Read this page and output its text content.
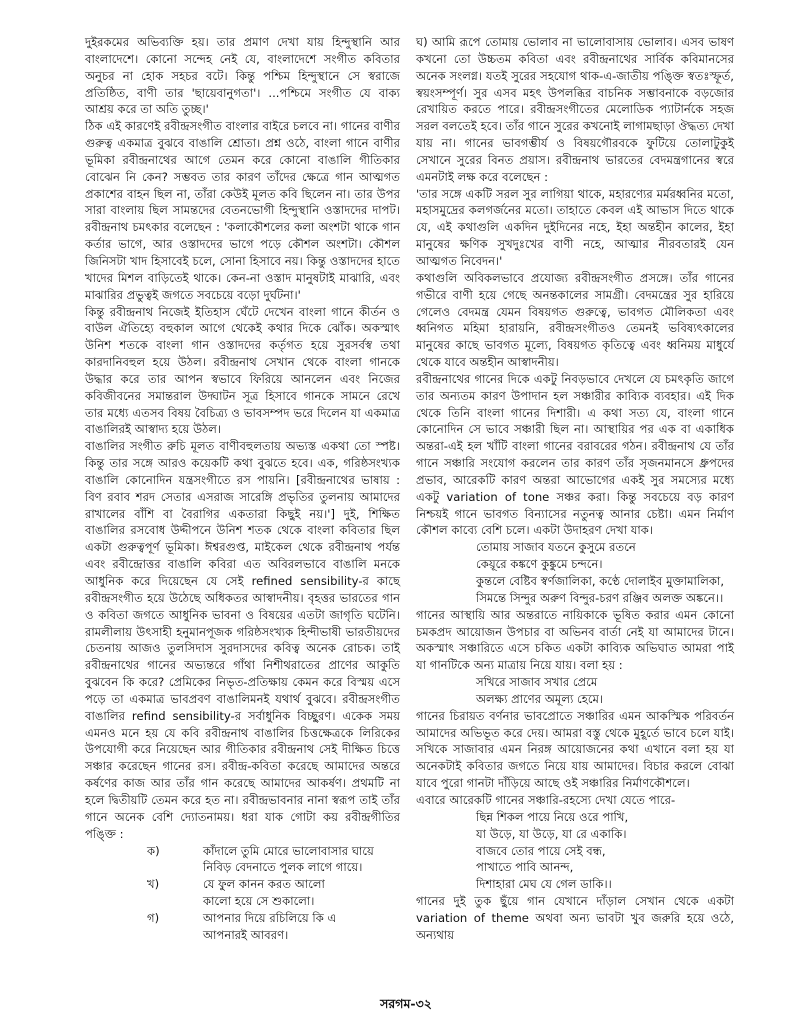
দুইরকমের অভিব্যক্তি হয়। তার প্রমাণ দেখা যায় হিন্দুস্থানি আর বাংলাদেশে। কোনো সন্দেহ নেই যে, বাংলাদেশে সংগীত কবিতার অনুচর না হোক সহচর বটে। কিন্তু পশ্চিম হিন্দুস্থানে সে স্বরাজে প্রতিষ্ঠিত, বাণী তার 'ছায়েবানুগতা'। ...পশ্চিমে সংগীত যে বাক্য আশ্রয় করে তা অতি তুচ্ছ।'

ঠিক এই কারণেই রবীন্দ্রসংগীত বাংলার বাইরে চলবে না। গানের বাণীর গুরুত্ব একমাত্র বুঝবে বাঙালি শ্রোতা। প্রশ্ন ওঠে, বাংলা গানে বাণীর ভূমিকা রবীন্দ্রনাথের আগে তেমন করে কোনো বাঙালি গীতিকার বোঝেন নি কেন? সম্ভবত তার কারণ তাঁদের ক্ষেত্রে গান আত্মগত প্রকাশের বাহন ছিল না, তাঁরা কেউই মূলত কবি ছিলেন না। তার উপর সারা বাংলায় ছিল সামন্তদের বেতনভোগী হিন্দুস্থানি ওস্তাদদের দাপট। রবীন্দ্রনাথ চমৎকার বলেছেন : 'কলাকৌশলের কলা অংশটা থাকে গান কর্তার ভাগে, আর ওস্তাদদের ভাগে পড়ে কৌশল অংশটা। কৌশল জিনিসটা খাদ হিসাবেই চলে, সোনা হিসাবে নয়। কিন্তু ওস্তাদদের হাতে খাদের মিশল বাড়িতেই থাকে। কেন-না ওস্তাদ মানুষটাই মাঝারি, এবং মাঝারির প্রভুত্বই জগতে সবচেয়ে বড়ো দুর্ঘটনা।'

কিন্তু রবীন্দ্রনাথ নিজেই ইতিহাস ঘেঁটে দেখেন বাংলা গানে কীর্তন ও বাউল ঐতিহ্যে বহুকাল আগে থেকেই কথার দিকে ঝোঁক। অকস্মাৎ উনিশ শতকে বাংলা গান ওস্তাদদের কর্তৃগত হয়ে সুরসর্বস্ব তথা কারদানিবহুল হয়ে উঠল। রবীন্দ্রনাথ সেখান থেকে বাংলা গানকে উদ্ধার করে তার আপন স্বভাবে ফিরিয়ে আনলেন এবং নিজের কবিজীবনের সমান্তরাল উদ্ঘাটন সূত্র হিসাবে গানকে সামনে রেখে তার মধ্যে এতসব বিষয় বৈচিত্র্য ও ভাবসম্পদ ভরে দিলেন যা একমাত্র বাঙালিরই আস্বাদ্য হয়ে উঠল।

বাঙালির সংগীত রুচি মূলত বাণীবহুলতায় অভ্যস্ত একথা তো স্পষ্ট। কিন্তু তার সঙ্গে আরও কয়েকটি কথা বুঝতে হবে। এক, গরিষ্ঠসংখ্যক বাঙালি কোনোদিন যন্ত্রসংগীতে রস পায়নি। [রবীন্দ্রনাথের ভাষায় : বিণ রবাব শরদ সেতার এসরাজ সারেঙ্গি প্রভৃতির তুলনায় আমাদের রাখালের বাঁশি বা বৈরাগির একতারা কিছুই নয়।'] দুই, শিক্ষিত বাঙালির রসবোধ উদ্দীপনে উনিশ শতক থেকে বাংলা কবিতার ছিল একটা গুরুত্বপূর্ণ ভূমিকা। ঈশ্বরগুপ্ত, মাইকেল থেকে রবীন্দ্রনাথ পর্যন্ত এবং রবীন্দ্রোত্তর বাঙালি কবিরা এত অবিরলভাবে বাঙালি মনকে আধুনিক করে দিয়েছেন যে সেই refined sensibility-র কাছে রবীন্দ্রসংগীত হয়ে উঠেছে অধিকতর আস্বাদনীয়। বৃহত্তর ভারতের গান ও কবিতা জগতে আধুনিক ভাবনা ও বিষয়ের এতটা জাগৃতি ঘটেনি। রামলীলায় উৎসাহী হনুমানপূজক গরিষ্ঠসংখ্যক হিন্দীভাষী ভারতীয়দের চেতনায় আজও তুলসিদাস সুরদাসদের কবিত্ব অনেক রোচক। তাই রবীন্দ্রনাথের গানের অভ্যন্তরে গাঁথা নিশীথরাতের প্রাণের আকুতি বুঝবেন কি করে? প্রেমিকের নিভৃত-প্রতিক্ষায় কেমন করে বিস্ময় এসে পড়ে তা একমাত্র ভাবপ্রবণ বাঙালিমনই যথার্থ বুঝবে। রবীন্দ্রসংগীত বাঙালির refind sensibility-র সর্বাধুনিক বিচ্ছুরণ। একেক সময় এমনও মনে হয় যে কবি রবীন্দ্রনাথ বাঙালির চিত্তক্ষেত্রকে লিরিকের উপযোগী করে নিয়েছেন আর গীতিকার রবীন্দ্রনাথ সেই দীক্ষিত চিত্তে সঞ্চার করেছেন গানের রস। রবীন্দ্র-কবিতা করেছে আমাদের অন্তরে কর্ষণের কাজ আর তাঁর গান করেছে আমাদের আকর্ষণ। প্রথমটি না হলে দ্বিতীয়টি তেমন করে হত না। রবীন্দ্রভাবনার নানা স্বরূপ তাই তাঁর গানে অনেক বেশি দ্যোতনাময়। ধরা যাক গোটা কয় রবীন্দ্রগীতির পঙ্ক্তি :

ক)	কাঁদালে তুমি মোরে ভালোবাসার ঘায়ে
নিবিড় বেদনাতে পুলক লাগে গায়ে।
খ)	যে ফুল কানন করত আলো
কালো হয়ে সে শুকালো।
গ)	আপনার দিয়ে রচিলিয়ে কি এ
আপনারই আবরণ।

ঘ) আমি রূপে তোমায় ভোলাব না ভালোবাসায় ভোলাব। এসব ভাষণ কখনো তো উচ্চতম কবিতা এবং রবীন্দ্রনাথের সার্বিক কবিমানসের অনেক সংলগ্ন। যতই সুরের সহযোগ থাক-এ-জাতীয় পঙ্ক্তি স্বতঃস্ফূর্ত, স্বয়ংসম্পূর্ণ। সুর এসব মহৎ উপলব্ধির বাচনিক সম্ভাবনাকে বড়জোর রেখায়িত করতে পারে। রবীন্দ্রসংগীতের মেলোডিক প্যাটার্নকে সহজ সরল বলতেই হবে। তাঁর গানে সুরের কখনোই লাগামছাড়া ঔদ্ধত্য দেখা যায় না। গানের ভাবগম্ভীর্য ও বিষয়গৌরবকে ফুটিয়ে তোলাটুকুই সেখানে সুরের বিনত প্রয়াস। রবীন্দ্রনাথ ভারতের বেদমন্ত্রগানের স্বরে এমনটাই লক্ষ করে বলেছেন :

'তার সঙ্গে একটি সরল সুর লাগিয়া থাকে, মহারণ্যের মর্মরধ্বনির মতো, মহাসমুদ্রের কলগর্জনের মতো। তাহাতে কেবল এই আভাস দিতে থাকে যে, এই কথাগুলি একদিন দুইদিনের নহে, ইহা অন্তহীন কালের, ইহা মানুষের ক্ষণিক সুখদুঃখের বাণী নহে, আত্মার নীরবতারই যেন আত্মগত নিবেদন।'

কথাগুলি অবিকলভাবে প্রযোজ্য রবীন্দ্রসংগীত প্রসঙ্গে। তাঁর গানের গভীরে বাণী হয়ে গেছে অনন্তকালের সামগ্রী। বেদমন্ত্রের সুর হারিয়ে গেলেও বেদমন্ত্র যেমন বিষয়গত গুরুত্বে, ভাবগত মৌলিকতা এবং ধ্বনিগত মহিমা হারায়নি, রবীন্দ্রসংগীতও তেমনই ভবিষ্যৎকালের মানুষের কাছে ভাবগত মূল্যে, বিষয়গত কৃতিত্বে এবং ধ্বনিময় মাধুর্যে থেকে যাবে অন্তহীন আস্বাদনীয়।

রবীন্দ্রনাথের গানের দিকে একটু নিবড়ভাবে দেখলে যে চমৎকৃতি জাগে তার অন্যতম কারণ উপাদান হল সঞ্চারীর কাব্যিক ব্যবহার। এই দিক থেকে তিনি বাংলা গানের দিশারী। এ কথা সত্য যে, বাংলা গানে কোনোদিন সে ভাবে সঞ্চারী ছিল না। আস্থায়ির পর এক বা একাধিক অন্তরা-এই হল খাঁটি বাংলা গানের বরাবরের গঠন। রবীন্দ্রনাথ যে তাঁর গানে সঞ্চারি সংযোগ করলেন তার কারণ তাঁর সৃজনমানসে ধ্রুপদের প্রভাব, আরেকটি কারণ অন্তরা আভোগের একই সুর সমস্যের মধ্যে একটু variation of tone সঞ্চর করা। কিন্তু সবচেয়ে বড় কারণ নিশ্চয়ই গানে ভাবগত বিন্যাসের নতুনত্ব আনার চেষ্টা। এমন নির্মাণ কৌশল কাব্যে বেশি চলে। একটা উদাহরণ দেখা যাক।

তোমায় সাজাব যতনে কুসুমে রতনে
কেয়ূরে কঙ্কণে কুঙ্কুমে চন্দনে।
কুন্তলে বেষ্টিব স্বর্ণজালিকা, কণ্ঠে দোলাইব মুক্তামালিকা,
সিমন্তে সিন্দুর অরুণ বিন্দুর-চরণ রঞ্জিব অলক্ত অঙ্কনে।।

গানের আস্থায়ি আর অন্তরাতে নায়িকাকে ভূষিত করার এমন কোনো চমকপ্রদ আয়োজন উপচার বা অভিনব বার্তা নেই যা আমাদের টানে। অকস্মাৎ সঞ্চারিতে এসে চকিত একটা কাব্যিক অভিঘাত আমরা পাই যা গানটিকে অন্য মাত্রায় নিয়ে যায়। বলা হয় :

সখিরে সাজাব সখার প্রেমে
অলক্ষ্য প্রাণের অমূল্য হেমে।

গানের চিরায়ত বর্ণনার ভাবপ্রোতে সঞ্চারির এমন আকস্মিক পরিবর্তন আমাদের অভিভূত করে দেয়। আমরা বস্তু থেকে মুহূর্তে ভাবে চলে যাই। সখিকে সাজাবার এমন নিরঙ্গ আয়োজনের কথা এখানে বলা হয় যা অনেকটাই কবিতার জগতে নিয়ে যায় আমাদের। বিচার করলে বোঝা যাবে পুরো গানটা দাঁড়িয়ে আছে ওই সঞ্চারির নির্মাণকৌশলে।

এবারে আরেকটি গানের সঞ্চারি-রহস্যে দেখা যেতে পারে-

ছিন্ন শিকল পায়ে নিয়ে ওরে পাখি,
যা উড়ে, যা উড়ে, যা রে একাকি।
বাজবে তোর পায়ে সেই বন্ধ,
পাখাতে পাবি আনন্দ,
দিশাহারা মেঘ যে গেল ডাকি।।

গানের দুই তুক ছুঁয়ে গান যেখানে দাঁড়াল সেখান থেকে একটা variation of theme অথবা অন্য ভাবটা খুব জরুরি হয়ে ওঠে, অন্যথায়

সরগম-৩২
